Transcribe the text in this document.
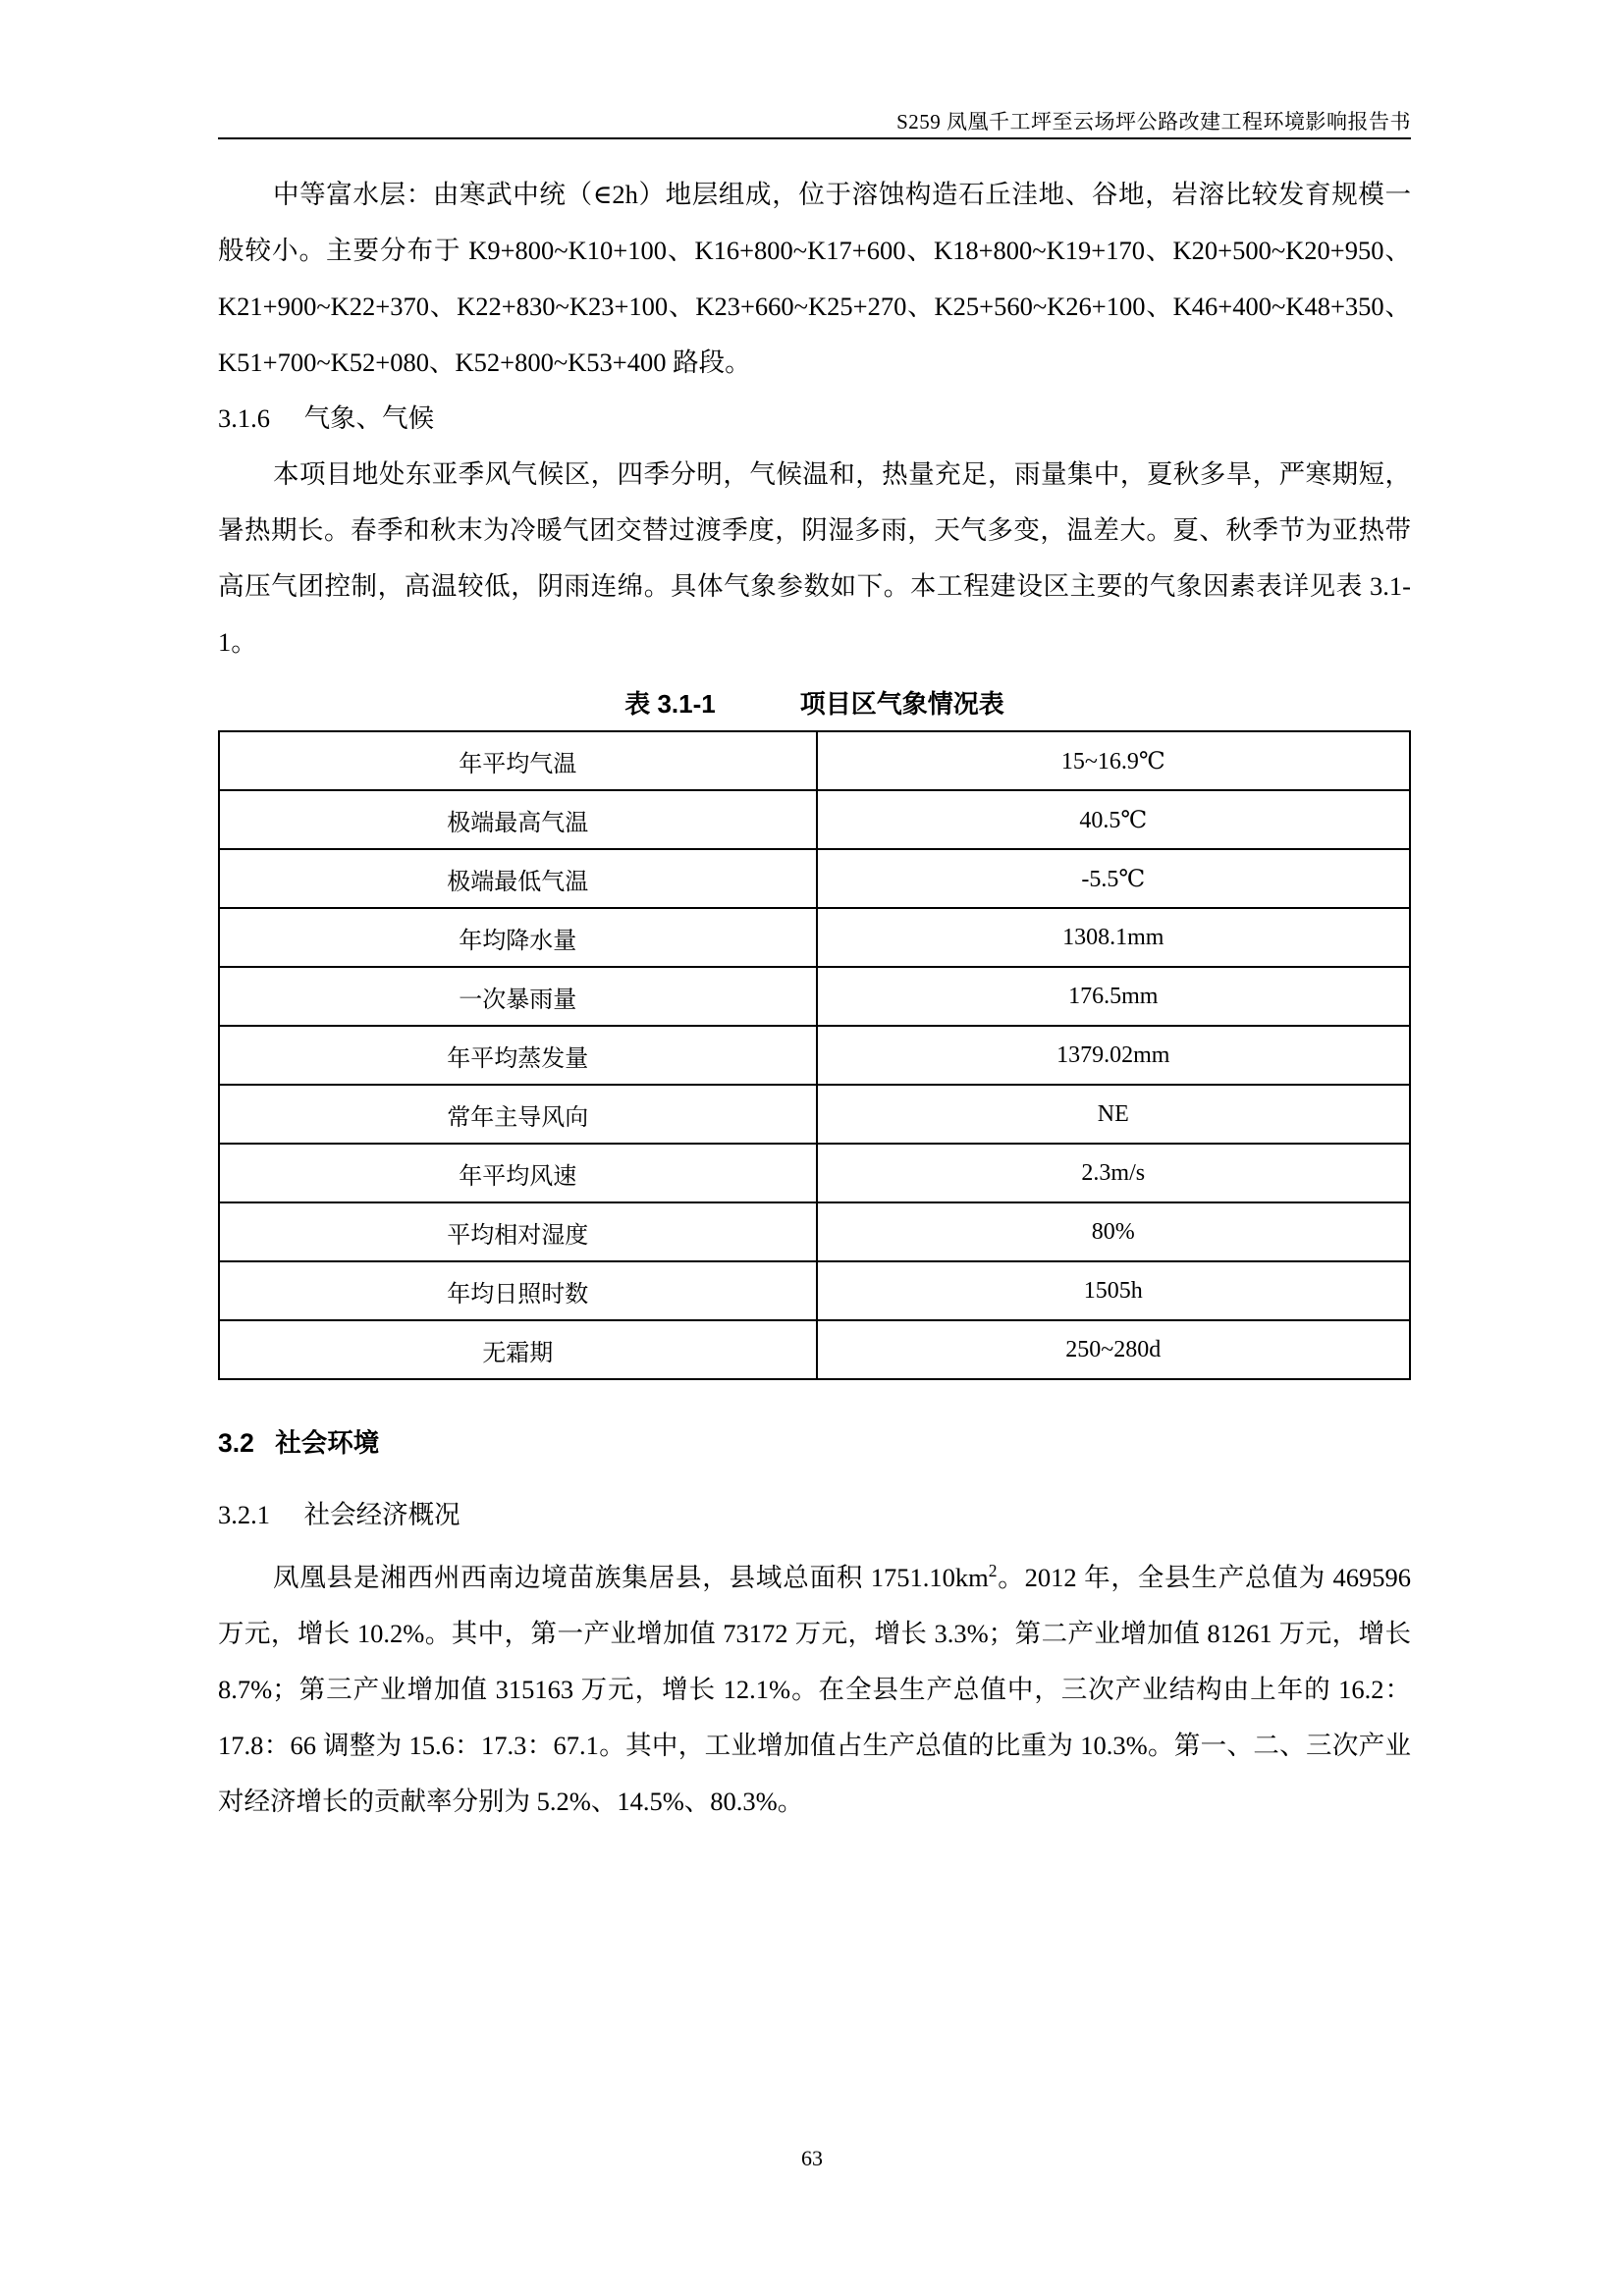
S259 凤凰千工坪至云场坪公路改建工程环境影响报告书

中等富水层：由寒武中统（∈2h）地层组成，位于溶蚀构造石丘洼地、谷地，岩溶比较发育规模一般较小。主要分布于 K9+800~K10+100、K16+800~K17+600、K18+800~K19+170、K20+500~K20+950、K21+900~K22+370、K22+830~K23+100、K23+660~K25+270、K25+560~K26+100、K46+400~K48+350、K51+700~K52+080、K52+800~K53+400 路段。

3.1.6 气象、气候

本项目地处东亚季风气候区，四季分明，气候温和，热量充足，雨量集中，夏秋多旱，严寒期短，暑热期长。春季和秋末为冷暖气团交替过渡季度，阴湿多雨，天气多变，温差大。夏、秋季节为亚热带高压气团控制，高温较低，阴雨连绵。具体气象参数如下。本工程建设区主要的气象因素表详见表 3.1-1。

表 3.1-1	项目区气象情况表
年平均气温	15~16.9℃
极端最高气温	40.5℃
极端最低气温	-5.5℃
年均降水量	1308.1mm
一次暴雨量	176.5mm
年平均蒸发量	1379.02mm
常年主导风向	NE
年平均风速	2.3m/s
平均相对湿度	80%
年均日照时数	1505h
无霜期	250~280d
3.2 社会环境
3.2.1 社会经济概况

凤凰县是湘西州西南边境苗族集居县，县域总面积 $1751.10km^2$。2012 年，全县生产总值为 469596 万元，增长 10.2%。其中，第一产业增加值 73172 万元，增长 3.3%；第二产业增加值 81261 万元，增长 8.7%；第三产业增加值 315163 万元，增长 12.1%。在全县生产总值中，三次产业结构由上年的 16.2：17.8：66 调整为 15.6：17.3：67.1。其中，工业增加值占生产总值的比重为 10.3%。第一、二、三次产业对经济增长的贡献率分别为 5.2%、14.5%、80.3%。

63
